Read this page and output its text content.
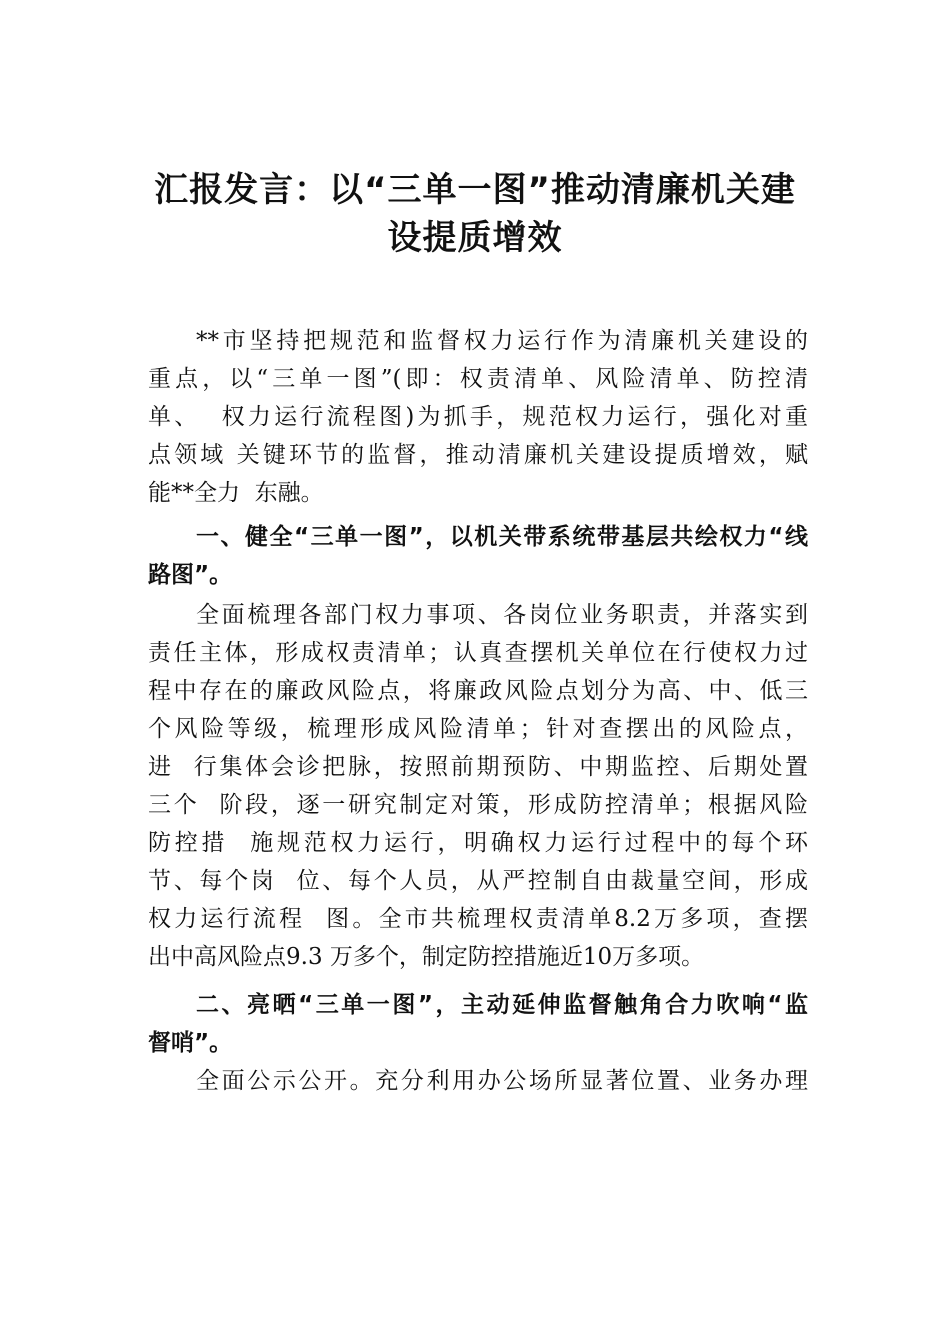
汇报发言：以“三单一图”推动清廉机关建
设提质增效
**市坚持把规范和监督权力运行作为清廉机关建设的
重点，以“三单一图”(即：权责清单、风险清单、防控清
单、  权力运行流程图)为抓手，规范权力运行，强化对重
点领域 关键环节的监督，推动清廉机关建设提质增效，赋
能**全力  东融。
一、健全“三单一图”，以机关带系统带基层共绘权力“线
路图”。
全面梳理各部门权力事项、各岗位业务职责，并落实到
责任主体，形成权责清单；认真查摆机关单位在行使权力过
程中存在的廉政风险点，将廉政风险点划分为高、中、低三
个风险等级，梳理形成风险清单；针对查摆出的风险点，
进  行集体会诊把脉，按照前期预防、中期监控、后期处置
三个  阶段，逐一研究制定对策，形成防控清单；根据风险
防控措  施规范权力运行，明确权力运行过程中的每个环
节、每个岗  位、每个人员，从严控制自由裁量空间，形成
权力运行流程  图。全市共梳理权责清单8.2万多项，查摆
出中高风险点9.3 万多个，制定防控措施近10万多项。
二、亮晒“三单一图”，主动延伸监督触角合力吹响“监
督哨”。
全面公示公开。充分利用办公场所显著位置、业务办理
